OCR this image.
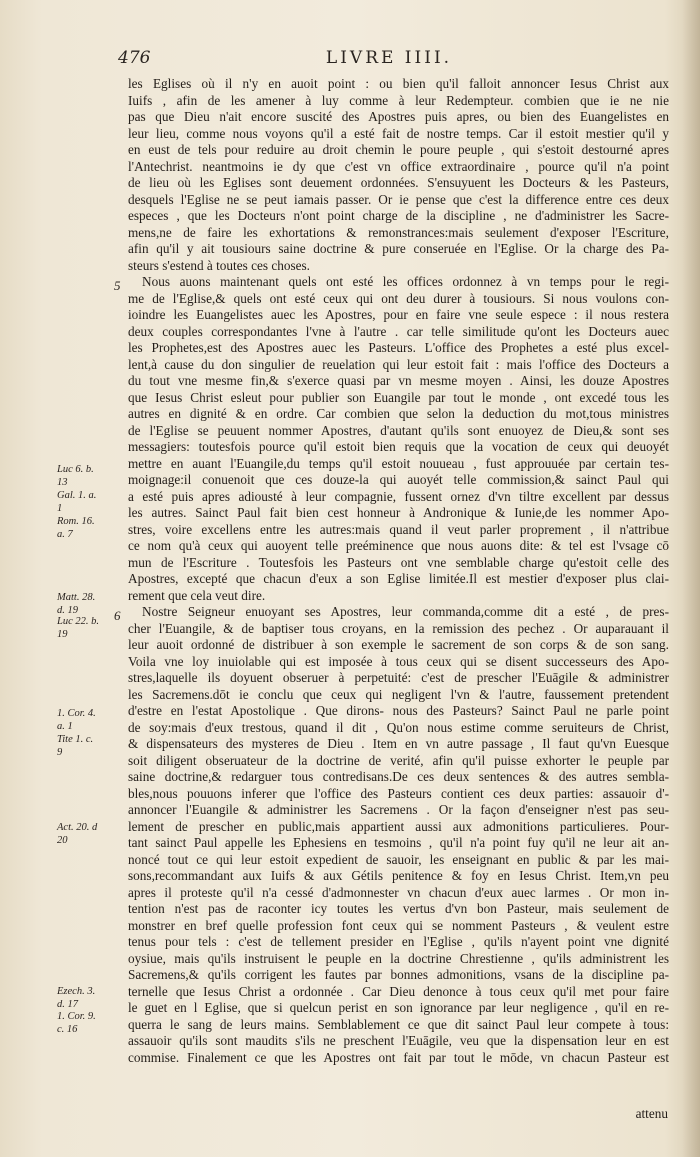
476	LIVRE IIII.
5
6
Luc 6. b.
13
Gal. 1. a.
1
Rom. 16.
a. 7
Matt. 28.
d. 19
Luc 22. b.
19
1. Cor. 4.
a. 1
Tite 1. c.
9
Act. 20. d
20
Ezech. 3.
d. 17
1. Cor. 9.
c. 16
les Eglises où il n'y en auoit point : ou bien qu'il falloit annoncer Iesus Christ aux
Iuifs , afin de les amener à luy comme à leur Redempteur. combien que ie ne nie
pas que Dieu n'ait encore suscité des Apostres puis apres, ou bien des Euangelistes en
leur lieu, comme nous voyons qu'il a esté fait de nostre temps. Car il estoit mestier qu'il y
en eust de tels pour reduire au droit chemin le poure peuple , qui s'estoit destourné apres
l'Antechrist. neantmoins ie dy que c'est vn office extraordinaire , pource qu'il n'a point
de lieu où les Eglises sont deuement ordonnées. S'ensuyuent les Docteurs & les Pasteurs,
desquels l'Eglise ne se peut iamais passer. Or ie pense que c'est la difference entre ces deux
especes , que les Docteurs n'ont point charge de la discipline , ne d'administrer les Sacre-
mens,ne de faire les exhortations & remonstrances:mais seulement d'exposer l'Escriture,
afin qu'il y ait tousiours saine doctrine & pure conseruée en l'Eglise. Or la charge des Pa-
steurs s'estend à toutes ces choses.
Nous auons maintenant quels ont esté les offices ordonnez à vn temps pour le regi-
me de l'Eglise,& quels ont esté ceux qui ont deu durer à tousiours. Si nous voulons con-
ioindre les Euangelistes auec les Apostres, pour en faire vne seule espece : il nous restera
deux couples correspondantes l'vne à l'autre . car telle similitude qu'ont les Docteurs auec
les Prophetes,est des Apostres auec les Pasteurs. L'office des Prophetes a esté plus excel-
lent,à cause du don singulier de reuelation qui leur estoit fait : mais l'office des Docteurs a
du tout vne mesme fin,& s'exerce quasi par vn mesme moyen . Ainsi, les douze Apostres
que Iesus Christ esleut pour publier son Euangile par tout le monde , ont excedé tous les
autres en dignité & en ordre. Car combien que selon la deduction du mot,tous ministres
de l'Eglise se peuuent nommer Apostres, d'autant qu'ils sont enuoyez de Dieu,& sont ses
messagiers: toutesfois pource qu'il estoit bien requis que la vocation de ceux qui deuoyét
mettre en auant l'Euangile,du temps qu'il estoit nouueau , fust approuuée par certain tes-
moignage:il conuenoit que ces douze-la qui auoyét telle commission,& sainct Paul qui
a esté puis apres adiousté à leur compagnie, fussent ornez d'vn tiltre excellent par dessus
les autres. Sainct Paul fait bien cest honneur à Andronique & Iunie,de les nommer Apo-
stres, voire excellens entre les autres:mais quand il veut parler proprement , il n'attribue
ce nom qu'à ceux qui auoyent telle preéminence que nous auons dite: & tel est l'vsage cō
mun de l'Escriture . Toutesfois les Pasteurs ont vne semblable charge qu'estoit celle des
Apostres, excepté que chacun d'eux a son Eglise limitée.Il est mestier d'exposer plus clai-
rement que cela veut dire.
Nostre Seigneur enuoyant ses Apostres, leur commanda,comme dit a esté , de pres-
cher l'Euangile, & de baptiser tous croyans, en la remission des pechez . Or auparauant il
leur auoit ordonné de distribuer à son exemple le sacrement de son corps & de son sang.
Voila vne loy inuiolable qui est imposée à tous ceux qui se disent successeurs des Apo-
stres,laquelle ils doyuent obseruer à perpetuité: c'est de prescher l'Euāgile & administrer
les Sacremens.dōt ie conclu que ceux qui negligent l'vn & l'autre, faussement pretendent
d'estre en l'estat Apostolique . Que dirons- nous des Pasteurs? Sainct Paul ne parle point
de soy:mais d'eux trestous, quand il dit , Qu'on nous estime comme seruiteurs de Christ,
& dispensateurs des mysteres de Dieu . Item en vn autre passage , Il faut qu'vn Euesque
soit diligent obseruateur de la doctrine de verité, afin qu'il puisse exhorter le peuple par
saine doctrine,& redarguer tous contredisans.De ces deux sentences & des autres sembla-
bles,nous pouuons inferer que l'office des Pasteurs contient ces deux parties: assauoir d'-
annoncer l'Euangile & administrer les Sacremens . Or la façon d'enseigner n'est pas seu-
lement de prescher en public,mais appartient aussi aux admonitions particulieres. Pour-
tant sainct Paul appelle les Ephesiens en tesmoins , qu'il n'a point fuy qu'il ne leur ait an-
noncé tout ce qui leur estoit expedient de sauoir, les enseignant en public & par les mai-
sons,recommandant aux Iuifs & aux Gétils penitence & foy en Iesus Christ. Item,vn peu
apres il proteste qu'il n'a cessé d'admonnester vn chacun d'eux auec larmes . Or mon in-
tention n'est pas de raconter icy toutes les vertus d'vn bon Pasteur, mais seulement de
monstrer en bref quelle profession font ceux qui se nomment Pasteurs , & veulent estre
tenus pour tels : c'est de tellement presider en l'Eglise , qu'ils n'ayent point vne dignité
oysiue, mais qu'ils instruisent le peuple en la doctrine Chrestienne , qu'ils administrent les
Sacremens,& qu'ils corrigent les fautes par bonnes admonitions, vsans de la discipline pa-
ternelle que Iesus Christ a ordonnée . Car Dieu denonce à tous ceux qu'il met pour faire
le guet en l Eglise, que si quelcun perist en son ignorance par leur negligence , qu'il en re-
querra le sang de leurs mains. Semblablement ce que dit sainct Paul leur compete à tous:
assauoir qu'ils sont maudits s'ils ne preschent l'Euāgile, veu que la dispensation leur en est
commise. Finalement ce que les Apostres ont fait par tout le mōde, vn chacun Pasteur est
attenu
